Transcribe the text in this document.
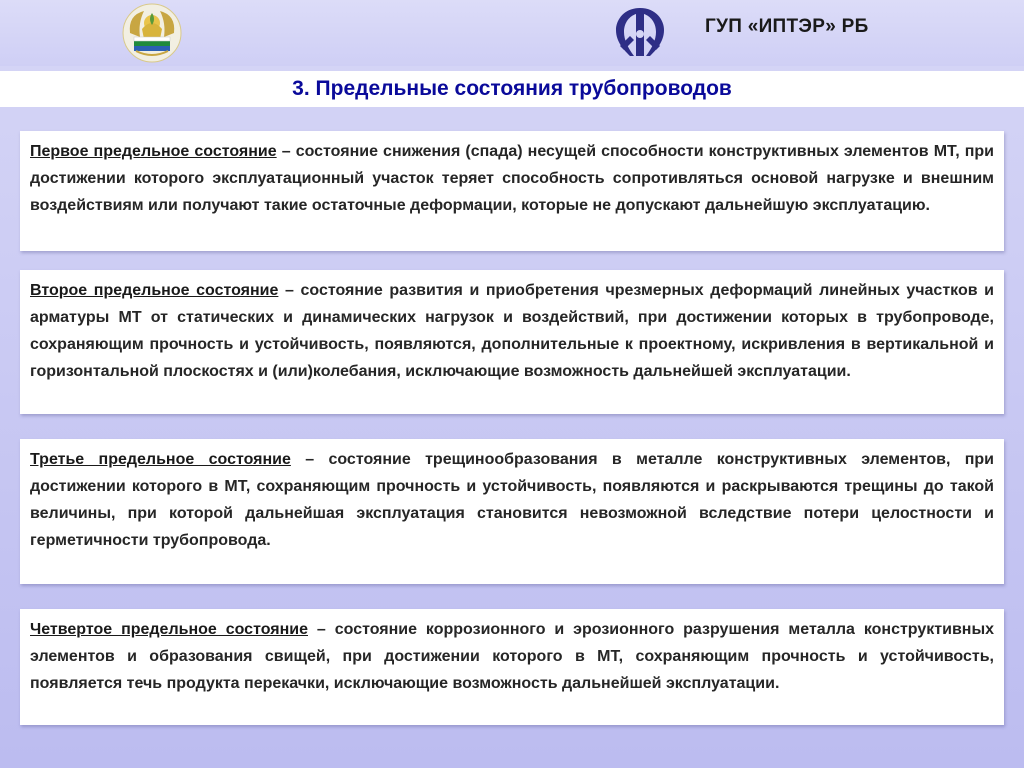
ГУП «ИПТЭР» РБ
3. Предельные состояния трубопроводов

Первое предельное состояние – состояние снижения (спада) несущей способности конструктивных элементов МТ, при достижении которого эксплуатационный участок теряет способность сопротивляться основой нагрузке и внешним воздействиям или получают такие остаточные деформации, которые не допускают дальнейшую эксплуатацию.

Второе предельное состояние – состояние развития и приобретения чрезмерных деформаций линейных участков и арматуры МТ от статических и динамических нагрузок и воздействий, при достижении которых в трубопроводе, сохраняющим прочность и устойчивость, появляются, дополнительные к проектному, искривления в вертикальной и горизонтальной плоскостях и (или)колебания, исключающие возможность дальнейшей эксплуатации.

Третье предельное состояние – состояние трещинообразования в металле конструктивных элементов, при достижении которого в МТ, сохраняющим прочность и устойчивость, появляются и раскрываются трещины до такой величины, при которой дальнейшая эксплуатация становится невозможной вследствие потери целостности и герметичности трубопровода.

Четвертое предельное состояние – состояние коррозионного и эрозионного разрушения металла конструктивных элементов и образования свищей, при достижении которого в МТ, сохраняющим прочность и устойчивость, появляется течь продукта перекачки, исключающие возможность дальнейшей эксплуатации.
